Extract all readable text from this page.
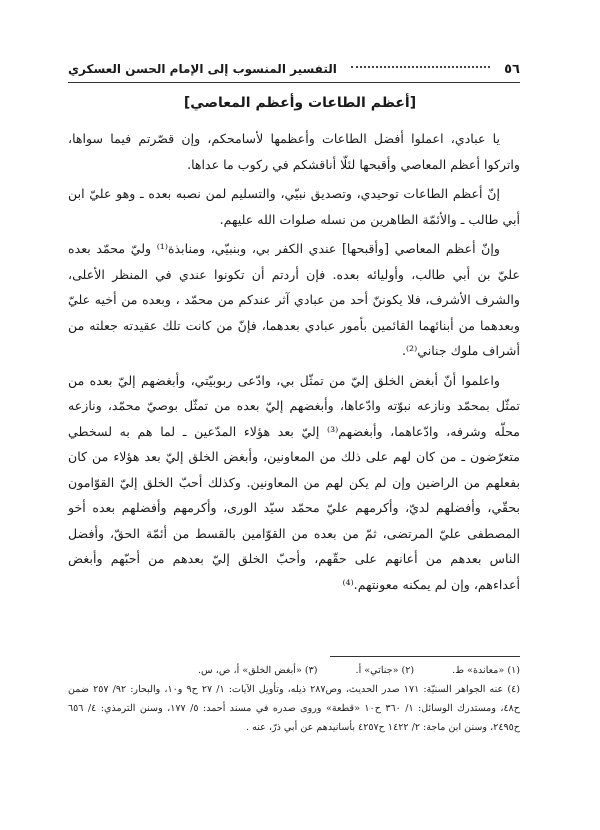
٥٦
التفسير المنسوب إلى الإمام الحسن العسكري
[أعظم الطاعات وأعظم المعاصي]

يا عبادي، اعملوا أفضل الطاعات وأعظمها لأسامحكم، وإن قصّرتم فيما سواها، واتركوا أعظم المعاصي وأقبحها لئلّا أناقشكم في ركوب ما عداها.

إنّ أعظم الطاعات توحيدي، وتصديق نبيّي، والتسليم لمن نصبه بعده ـ وهو عليّ ابن أبي طالب ـ والأئمّة الطاهرين من نسله صلوات الله عليهم.

وإنّ أعظم المعاصي [وأقبحها] عندي الكفر بي، وبنبيّي، ومنابذة⁽¹⁾ وليّ محمّد بعده عليّ بن أبي طالب، وأوليائه بعده. فإن أردتم أن تكونوا عندي في المنظر الأعلى، والشرف الأشرف، فلا يكوننّ أحد من عبادي آثر عندكم من محمّد ، وبعده من أخيه عليّ وبعدهما من أبنائهما القائمين بأمور عبادي بعدهما، فإنّ من كانت تلك عقيدته جعلته من أشراف ملوك جناني⁽²⁾.

واعلموا أنّ أبغض الخلق إليّ من تمثّل بي، وادّعى ربوبيّتي، وأبغضهم إليّ بعده من تمثّل بمحمّد ونازعه نبوّته وادّعاها، وأبغضهم إليّ بعده من تمثّل بوصيّ محمّد، ونازعه محلّه وشرفه، وادّعاهما، وأبغضهم⁽³⁾ إليّ بعد هؤلاء المدّعين ـ لما هم به لسخطي متعرّضون ـ من كان لهم على ذلك من المعاونين، وأبغض الخلق إليّ بعد هؤلاء من كان بفعلهم من الراضين وإن لم يكن لهم من المعاونين. وكذلك أحبّ الخلق إليّ القوّامون بحقّي، وأفضلهم لديّ، وأكرمهم عليّ محمّد سيّد الورى، وأكرمهم وأفضلهم بعده أخو المصطفى عليّ المرتضى، ثمّ من بعده من القوّامين بالقسط من أئمّة الحقّ، وأفضل الناس بعدهم من أعانهم على حقّهم، وأحبّ الخلق إليّ بعدهم من أحبّهم وأبغض أعداءهم، وإن لم يمكنه معونتهم.⁽⁴⁾

(١) «معاندة» ط.
(٢) «جناتي» أ.
(٣) «أبغض الخلق» أ، ص، س.

(٤) عنه الجواهر السنيّة: ١٧١ صدر الحديث، وص٢٨٧ ذيله، وتأويل الآيات: ١/ ٢٧ ح٩ و١٠، والبحار: ٩٢/ ٢٥٧ ضمن ح٤٨، ومستدرك الوسائل: ١/ ٣٦٠ ح١٠ «قطعة» وروى صدره في مسند أحمد: ٥/ ١٧٧، وسنن الترمذي: ٤/ ٦٥٦ ح٢٤٩٥، وسنن ابن ماجة: ٢/ ١٤٢٢ ح٤٢٥٧ بأسانيدهم عن أبي ذرّ، عنه .
